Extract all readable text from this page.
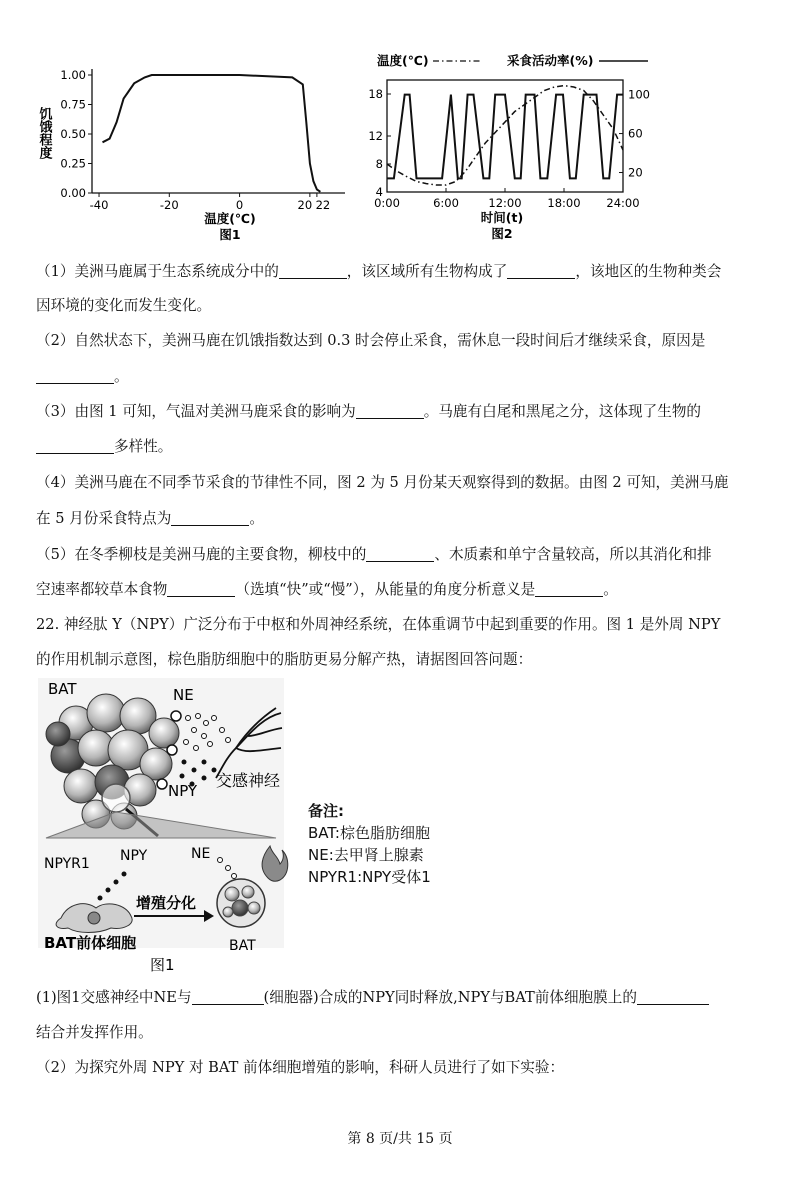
饥饿程度
1.00
0.75
0.50
0.25
0.00
-40	-20	0	20 22
温度(℃)
图1
温度(℃)	采食活动率(%)
18
12
8
4
100
60
20
0:00	6:00	12:00 18:00 24:00
时间(t)
图2
（1）美洲马鹿属于生态系统成分中的	，该区域所有生物构成了	，该地区的生物种类会
因环境的变化而发生变化。
（2）自然状态下，美洲马鹿在饥饿指数达到 0.3 时会停止采食，需休息一段时间后才继续采食，原因是
。
（3）由图 1 可知，气温对美洲马鹿采食的影响为	。马鹿有白尾和黑尾之分，这体现了生物的
多样性。
（4）美洲马鹿在不同季节采食的节律性不同，图 2 为 5 月份某天观察得到的数据。由图 2 可知，美洲马鹿
在 5 月份采食特点为	。
（5）在冬季柳枝是美洲马鹿的主要食物，柳枝中的	、木质素和单宁含量较高，所以其消化和排
空速率都较草本食物	（选填“快”或“慢”），从能量的角度分析意义是	。
22. 神经肽 Y（NPY）广泛分布于中枢和外周神经系统，在体重调节中起到重要的作用。图 1 是外周 NPY
的作用机制示意图，棕色脂肪细胞中的脂肪更易分解产热，请据图回答问题：
BAT	NE
NPY
交感神经
NPYR1 NPY	NE
增殖分化
BAT前体细胞	BAT
图1
备注:
BAT:棕色脂肪细胞
NE:去甲肾上腺素
NPYR1:NPY受体1
(1)图1交感神经中NE与	(细胞器)合成的NPY同时释放,NPY与BAT前体细胞膜上的
结合并发挥作用。
（2）为探究外周 NPY 对 BAT 前体细胞增殖的影响，科研人员进行了如下实验：
第 8 页/共 15 页
